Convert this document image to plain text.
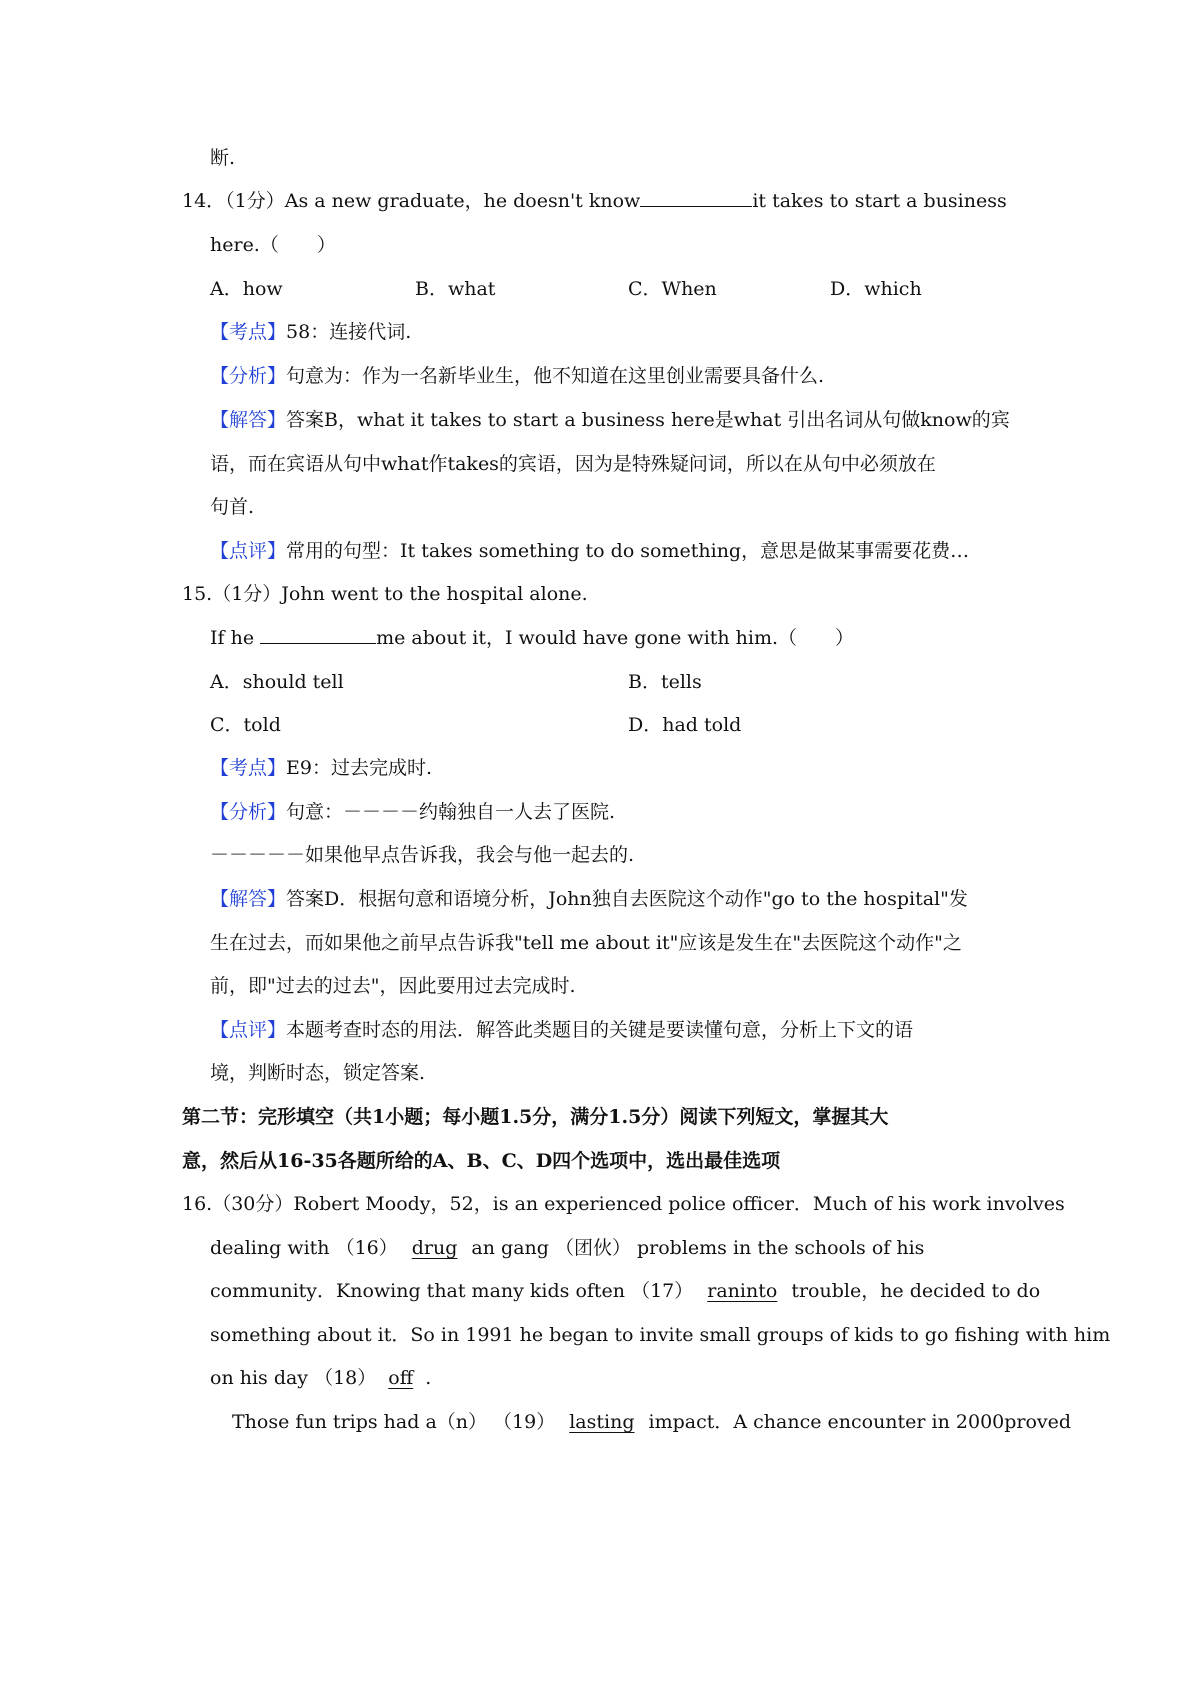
断.
14．（1分）As a new graduate，he doesn't know	it takes to start a business
here.（　　）
A．how	B．what	C．When	D．which
【考点】58：连接代词.
【分析】句意为：作为一名新毕业生，他不知道在这里创业需要具备什么.
【解答】答案B，what it takes to start a business here是what 引出名词从句做know的宾
语，而在宾语从句中what作takes的宾语，因为是特殊疑问词，所以在从句中必须放在
句首.
【点评】常用的句型：It takes something to do something，意思是做某事需要花费…
15.（1分）John went to the hospital alone.
If he	me about it，I would have gone with him.（　　）
A．should tell	B．tells
C．told	D．had told
【考点】E9：过去完成时.
【分析】句意：－－－－约翰独自一人去了医院.
－－－－－如果他早点告诉我，我会与他一起去的.
【解答】答案D．根据句意和语境分析，John独自去医院这个动作"go to the hospital"发
生在过去，而如果他之前早点告诉我"tell me about it"应该是发生在"去医院这个动作"之
前，即"过去的过去"，因此要用过去完成时.
【点评】本题考查时态的用法．解答此类题目的关键是要读懂句意，分析上下文的语
境，判断时态，锁定答案.
第二节：完形填空（共1小题；每小题1.5分，满分1.5分）阅读下列短文，掌握其大
意，然后从16-35各题所给的A、B、C、D四个选项中，选出最佳选项
16.（30分）Robert Moody，52，is an experienced police officer．Much of his work involves
dealing with （16） drug an gang （团伙） problems in the schools of his
community．Knowing that many kids often （17） raninto trouble，he decided to do
something about it．So in 1991 he began to invite small groups of kids to go fishing with him
on his day （18） off .
Those fun trips had a（n） （19） lasting impact．A chance encounter in 2000proved
